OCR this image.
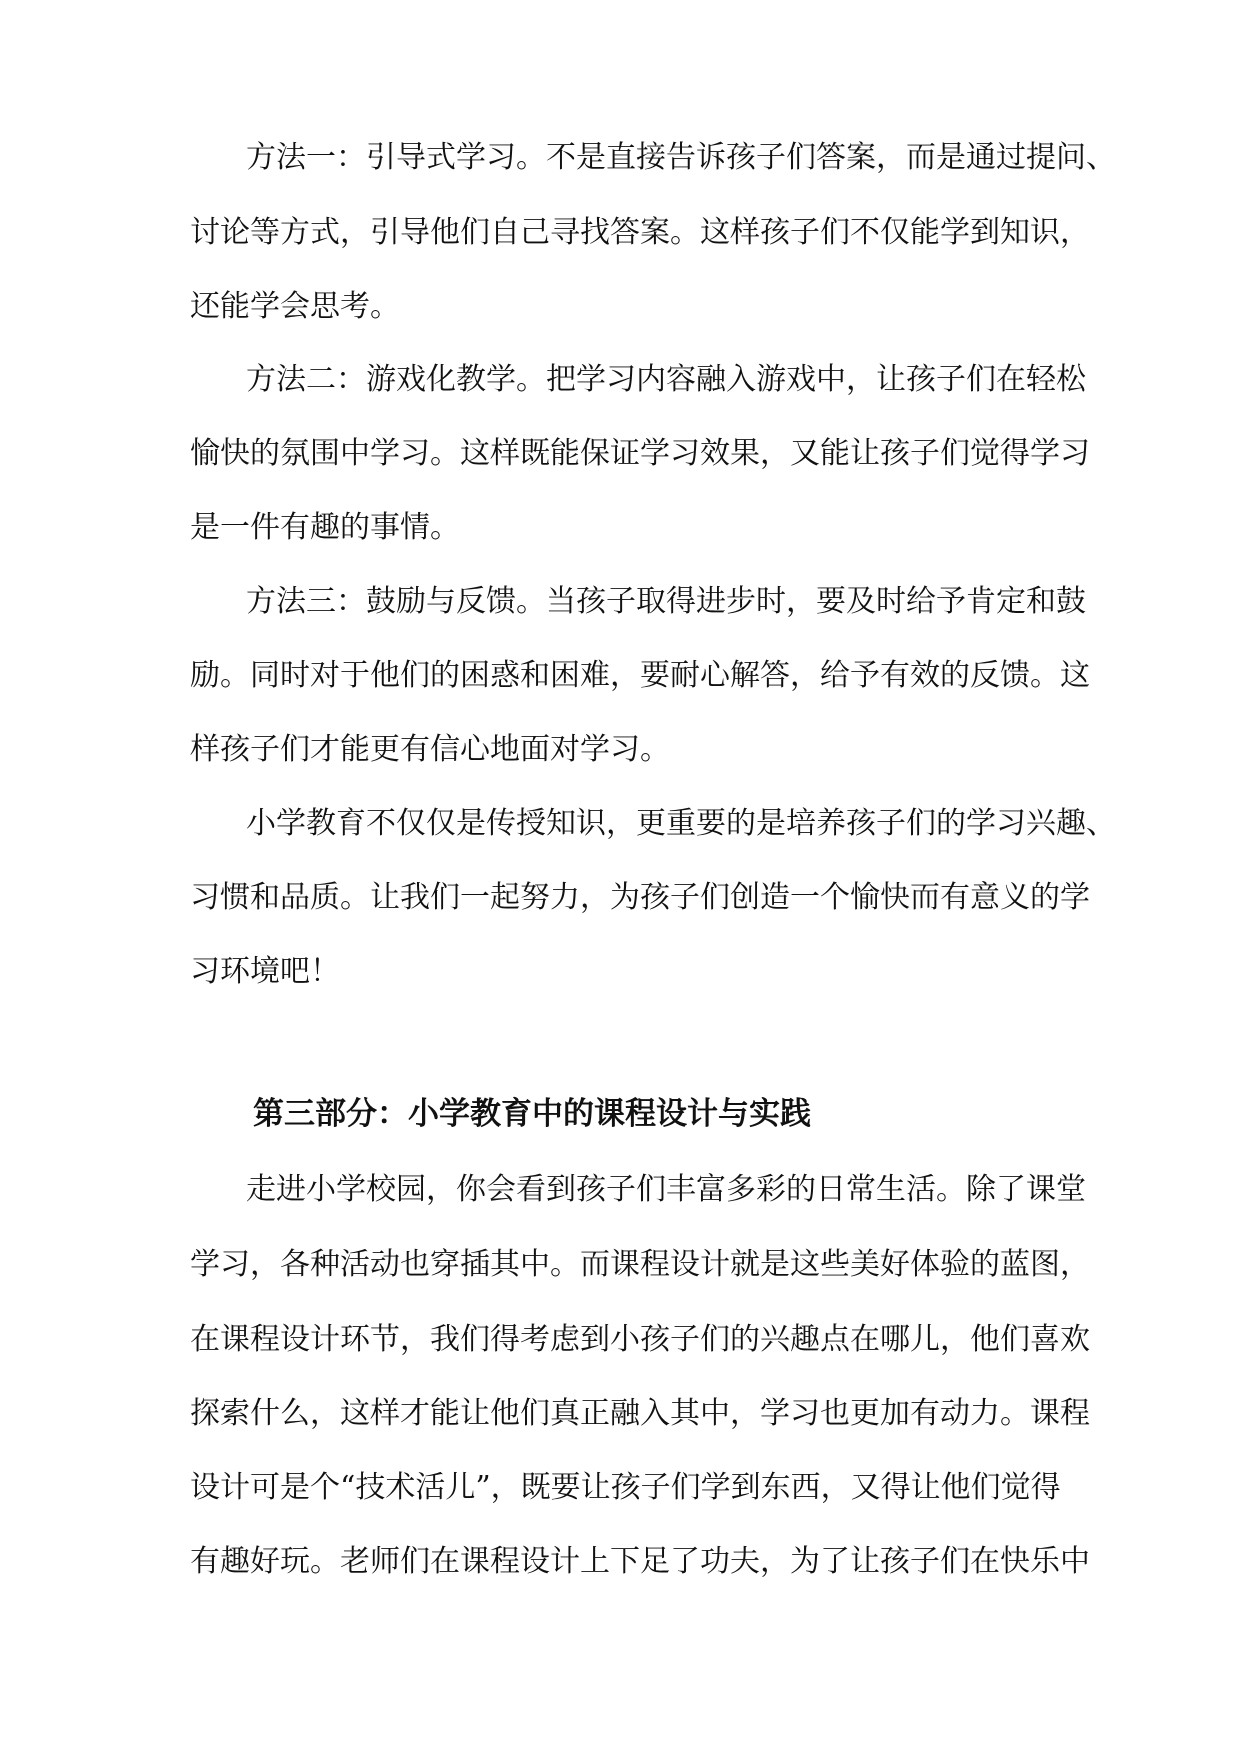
方法一：引导式学习。不是直接告诉孩子们答案，而是通过提问、
讨论等方式，引导他们自己寻找答案。这样孩子们不仅能学到知识，
还能学会思考。
方法二：游戏化教学。把学习内容融入游戏中，让孩子们在轻松
愉快的氛围中学习。这样既能保证学习效果，又能让孩子们觉得学习
是一件有趣的事情。
方法三：鼓励与反馈。当孩子取得进步时，要及时给予肯定和鼓
励。同时对于他们的困惑和困难，要耐心解答，给予有效的反馈。这
样孩子们才能更有信心地面对学习。
小学教育不仅仅是传授知识，更重要的是培养孩子们的学习兴趣、
习惯和品质。让我们一起努力，为孩子们创造一个愉快而有意义的学
习环境吧！
第三部分：小学教育中的课程设计与实践
走进小学校园，你会看到孩子们丰富多彩的日常生活。除了课堂
学习，各种活动也穿插其中。而课程设计就是这些美好体验的蓝图，
在课程设计环节，我们得考虑到小孩子们的兴趣点在哪儿，他们喜欢
探索什么，这样才能让他们真正融入其中，学习也更加有动力。课程
设计可是个“技术活儿”，既要让孩子们学到东西，又得让他们觉得
有趣好玩。老师们在课程设计上下足了功夫，为了让孩子们在快乐中
